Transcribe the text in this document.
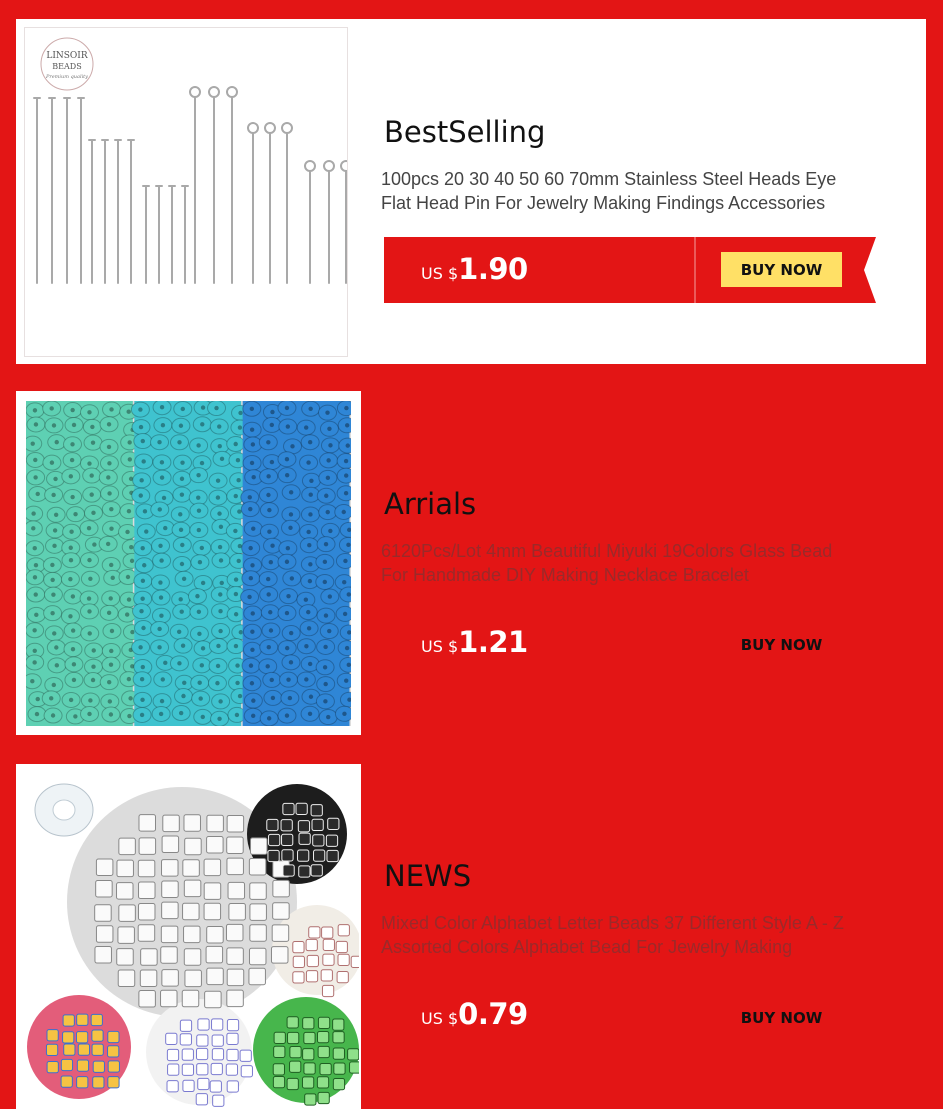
LINSOIR
BEADS
Premium quality
BestSelling

100pcs 20 30 40 50 60 70mm Stainless Steel Heads Eye Flat Head Pin For Jewelry Making Findings Accessories

US $1.90	BUY NOW
Arrials

6120Pcs/Lot 4mm Beautiful Miyuki 19Colors Glass Bead For Handmade DIY Making Necklace Bracelet

US $1.21	BUY NOW
NEWS

Mixed Color Alphabet Letter Beads 37 Different Style A - Z Assorted Colors Alphabet Bead For Jewelry Making

US $0.79	BUY NOW
